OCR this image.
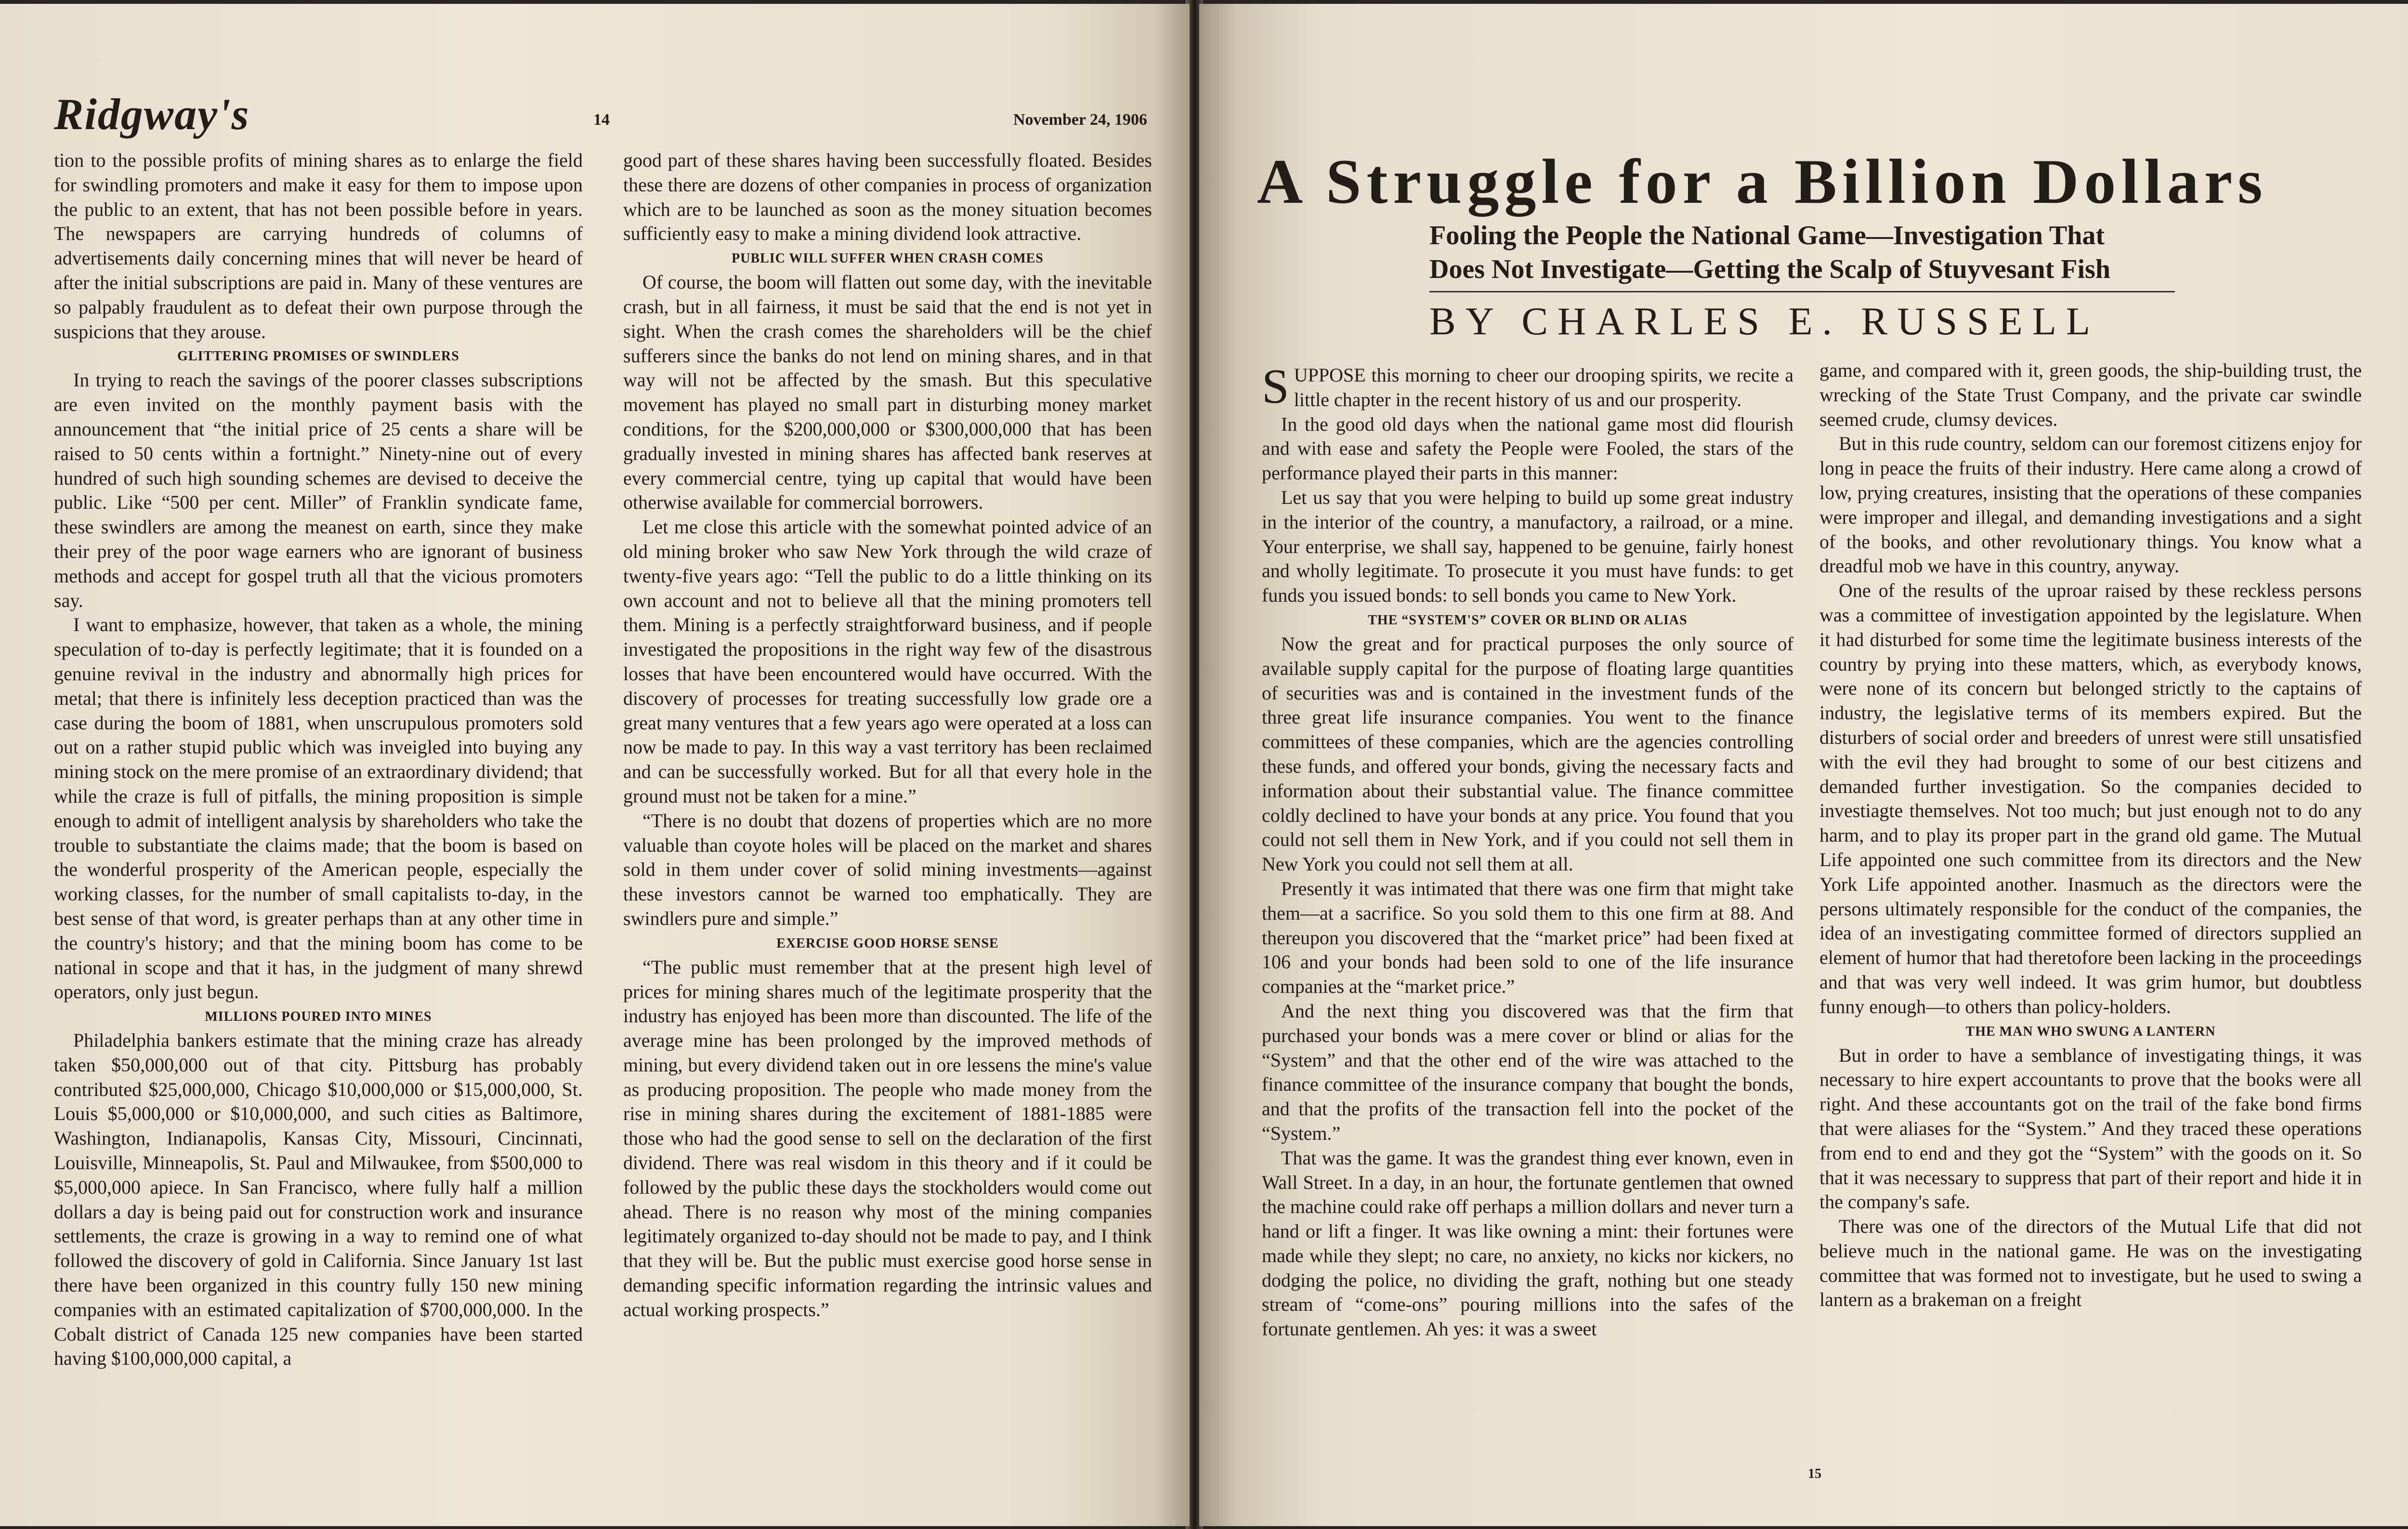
Ridgway's	14	November 24, 1906

tion to the possible profits of mining shares as to enlarge the field for swindling promoters and make it easy for them to impose upon the public to an extent, that has not been possible before in years. The newspapers are carrying hundreds of columns of advertisements daily concerning mines that will never be heard of after the initial subscriptions are paid in. Many of these ventures are so palpably fraudulent as to defeat their own purpose through the suspicions that they arouse.

GLITTERING PROMISES OF SWINDLERS

In trying to reach the savings of the poorer classes subscriptions are even invited on the monthly payment basis with the announcement that “the initial price of 25 cents a share will be raised to 50 cents within a fortnight.” Ninety-nine out of every hundred of such high sounding schemes are devised to deceive the public. Like “500 per cent. Miller” of Franklin syndicate fame, these swindlers are among the meanest on earth, since they make their prey of the poor wage earners who are ignorant of business methods and accept for gospel truth all that the vicious promoters say.

I want to emphasize, however, that taken as a whole, the mining speculation of to-day is perfectly legitimate; that it is founded on a genuine revival in the industry and abnormally high prices for metal; that there is infinitely less deception practiced than was the case during the boom of 1881, when unscrupulous promoters sold out on a rather stupid public which was inveigled into buying any mining stock on the mere promise of an extraordinary dividend; that while the craze is full of pitfalls, the mining proposition is simple enough to admit of intelligent analysis by shareholders who take the trouble to substantiate the claims made; that the boom is based on the wonderful prosperity of the American people, especially the working classes, for the number of small capitalists to-day, in the best sense of that word, is greater perhaps than at any other time in the country's history; and that the mining boom has come to be national in scope and that it has, in the judgment of many shrewd operators, only just begun.

MILLIONS POURED INTO MINES

Philadelphia bankers estimate that the mining craze has already taken $50,000,000 out of that city. Pittsburg has probably contributed $25,000,000, Chicago $10,000,000 or $15,000,000, St. Louis $5,000,000 or $10,000,000, and such cities as Baltimore, Washington, Indianapolis, Kansas City, Missouri, Cincinnati, Louisville, Minneapolis, St. Paul and Milwaukee, from $500,000 to $5,000,000 apiece. In San Francisco, where fully half a million dollars a day is being paid out for construction work and insurance settlements, the craze is growing in a way to remind one of what followed the discovery of gold in California. Since January 1st last there have been organized in this country fully 150 new mining companies with an estimated capitalization of $700,000,000. In the Cobalt district of Canada 125 new companies have been started having $100,000,000 capital, a

good part of these shares having been successfully floated. Besides these there are dozens of other companies in process of organization which are to be launched as soon as the money situation becomes sufficiently easy to make a mining dividend look attractive.

PUBLIC WILL SUFFER WHEN CRASH COMES

Of course, the boom will flatten out some day, with the inevitable crash, but in all fairness, it must be said that the end is not yet in sight. When the crash comes the shareholders will be the chief sufferers since the banks do not lend on mining shares, and in that way will not be affected by the smash. But this speculative movement has played no small part in disturbing money market conditions, for the $200,000,000 or $300,000,000 that has been gradually invested in mining shares has affected bank reserves at every commercial centre, tying up capital that would have been otherwise available for commercial borrowers.

Let me close this article with the somewhat pointed advice of an old mining broker who saw New York through the wild craze of twenty-five years ago: “Tell the public to do a little thinking on its own account and not to believe all that the mining promoters tell them. Mining is a perfectly straightforward business, and if people investigated the propositions in the right way few of the disastrous losses that have been encountered would have occurred. With the discovery of processes for treating successfully low grade ore a great many ventures that a few years ago were operated at a loss can now be made to pay. In this way a vast territory has been reclaimed and can be successfully worked. But for all that every hole in the ground must not be taken for a mine.”

“There is no doubt that dozens of properties which are no more valuable than coyote holes will be placed on the market and shares sold in them under cover of solid mining investments—against these investors cannot be warned too emphatically. They are swindlers pure and simple.”

EXERCISE GOOD HORSE SENSE

“The public must remember that at the present high level of prices for mining shares much of the legitimate prosperity that the industry has enjoyed has been more than discounted. The life of the average mine has been prolonged by the improved methods of mining, but every dividend taken out in ore lessens the mine's value as producing proposition. The people who made money from the rise in mining shares during the excitement of 1881-1885 were those who had the good sense to sell on the declaration of the first dividend. There was real wisdom in this theory and if it could be followed by the public these days the stockholders would come out ahead. There is no reason why most of the mining companies legitimately organized to-day should not be made to pay, and I think that they will be. But the public must exercise good horse sense in demanding specific information regarding the intrinsic values and actual working prospects.”

A Struggle for a Billion Dollars
Fooling the People the National Game—Investigation That
Does Not Investigate—Getting the Scalp of Stuyvesant Fish
BY CHARLES E. RUSSELL

SUPPOSE this morning to cheer our drooping spirits, we recite a little chapter in the recent history of us and our prosperity.

In the good old days when the national game most did flourish and with ease and safety the People were Fooled, the stars of the performance played their parts in this manner:

Let us say that you were helping to build up some great industry in the interior of the country, a manufactory, a railroad, or a mine. Your enterprise, we shall say, happened to be genuine, fairly honest and wholly legitimate. To prosecute it you must have funds: to get funds you issued bonds: to sell bonds you came to New York.

THE “SYSTEM'S” COVER OR BLIND OR ALIAS

Now the great and for practical purposes the only source of available supply capital for the purpose of floating large quantities of securities was and is contained in the investment funds of the three great life insurance companies. You went to the finance committees of these companies, which are the agencies controlling these funds, and offered your bonds, giving the necessary facts and information about their substantial value. The finance committee coldly declined to have your bonds at any price. You found that you could not sell them in New York, and if you could not sell them in New York you could not sell them at all.

Presently it was intimated that there was one firm that might take them—at a sacrifice. So you sold them to this one firm at 88. And thereupon you discovered that the “market price” had been fixed at 106 and your bonds had been sold to one of the life insurance companies at the “market price.”

And the next thing you discovered was that the firm that purchased your bonds was a mere cover or blind or alias for the “System” and that the other end of the wire was attached to the finance committee of the insurance company that bought the bonds, and that the profits of the transaction fell into the pocket of the “System.”

That was the game. It was the grandest thing ever known, even in Wall Street. In a day, in an hour, the fortunate gentlemen that owned the machine could rake off perhaps a million dollars and never turn a hand or lift a finger. It was like owning a mint: their fortunes were made while they slept; no care, no anxiety, no kicks nor kickers, no dodging the police, no dividing the graft, nothing but one steady stream of “come-ons” pouring millions into the safes of the fortunate gentlemen. Ah yes: it was a sweet

game, and compared with it, green goods, the ship-building trust, the wrecking of the State Trust Company, and the private car swindle seemed crude, clumsy devices.

But in this rude country, seldom can our foremost citizens enjoy for long in peace the fruits of their industry. Here came along a crowd of low, prying creatures, insisting that the operations of these companies were improper and illegal, and demanding investigations and a sight of the books, and other revolutionary things. You know what a dreadful mob we have in this country, anyway.

One of the results of the uproar raised by these reckless persons was a committee of investigation appointed by the legislature. When it had disturbed for some time the legitimate business interests of the country by prying into these matters, which, as everybody knows, were none of its concern but belonged strictly to the captains of industry, the legislative terms of its members expired. But the disturbers of social order and breeders of unrest were still unsatisfied with the evil they had brought to some of our best citizens and demanded further investigation. So the companies decided to investiagte themselves. Not too much; but just enough not to do any harm, and to play its proper part in the grand old game. The Mutual Life appointed one such committee from its directors and the New York Life appointed another. Inasmuch as the directors were the persons ultimately responsible for the conduct of the companies, the idea of an investigating committee formed of directors supplied an element of humor that had theretofore been lacking in the proceedings and that was very well indeed. It was grim humor, but doubtless funny enough—to others than policy-holders.

THE MAN WHO SWUNG A LANTERN

But in order to have a semblance of investigating things, it was necessary to hire expert accountants to prove that the books were all right. And these accountants got on the trail of the fake bond firms that were aliases for the “System.” And they traced these operations from end to end and they got the “System” with the goods on it. So that it was necessary to suppress that part of their report and hide it in the company's safe.

There was one of the directors of the Mutual Life that did not believe much in the national game. He was on the investigating committee that was formed not to investigate, but he used to swing a lantern as a brakeman on a freight

15
